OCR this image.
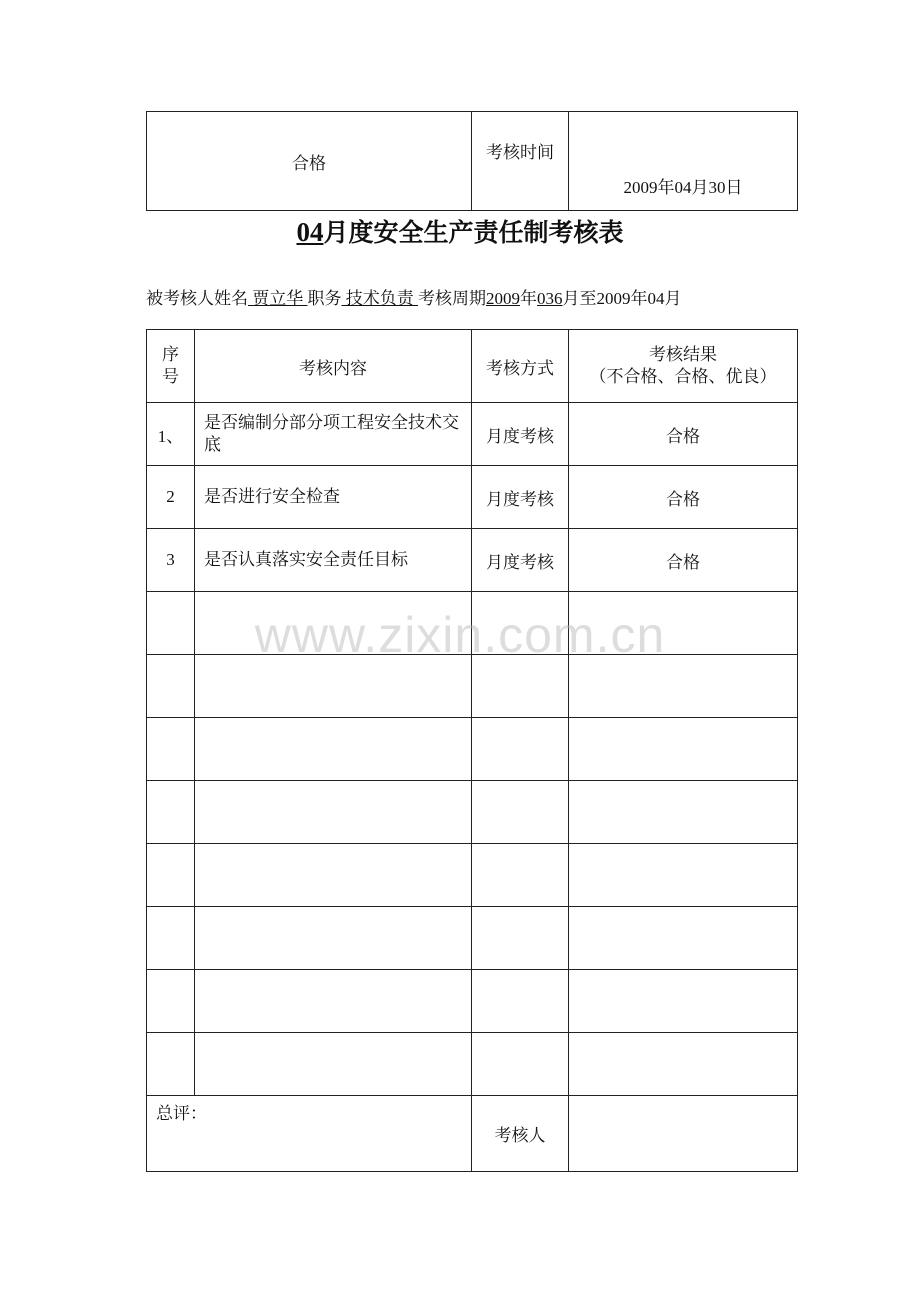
合格	考核时间	2009年04月30日
04月度安全生产责任制考核表
被考核人姓名 贾立华 职务 技术负责 考核周期2009年036月至2009年04月
序号	考核内容	考核方式	考核结果
（不合格、合格、优良）

1、	是否编制分部分项工程安全技术交底	月度考核	合格
2	是否进行安全检查	月度考核	合格
3	是否认真落实安全责任目标	月度考核	合格

总评：		考核人	
www.zixin.com.cn
